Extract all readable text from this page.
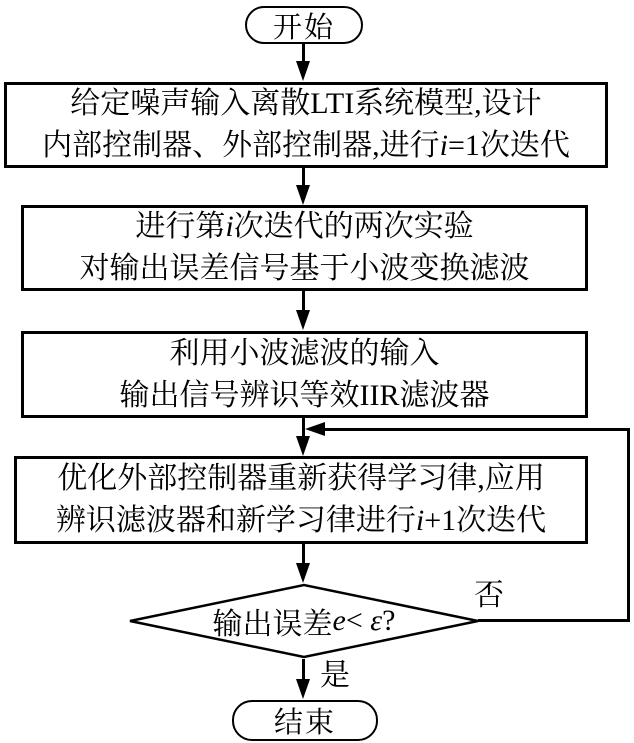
开始
给定噪声输入离散LTI系统模型,设计
内部控制器、外部控制器,进行i=1次迭代
进行第i次迭代的两次实验
对输出误差信号基于小波变换滤波
利用小波滤波的输入
输出信号辨识等效IIR滤波器
优化外部控制器重新获得学习律,应用
辨识滤波器和新学习律进行i+1次迭代
输出误差 e < ε ?
否
是
结束
